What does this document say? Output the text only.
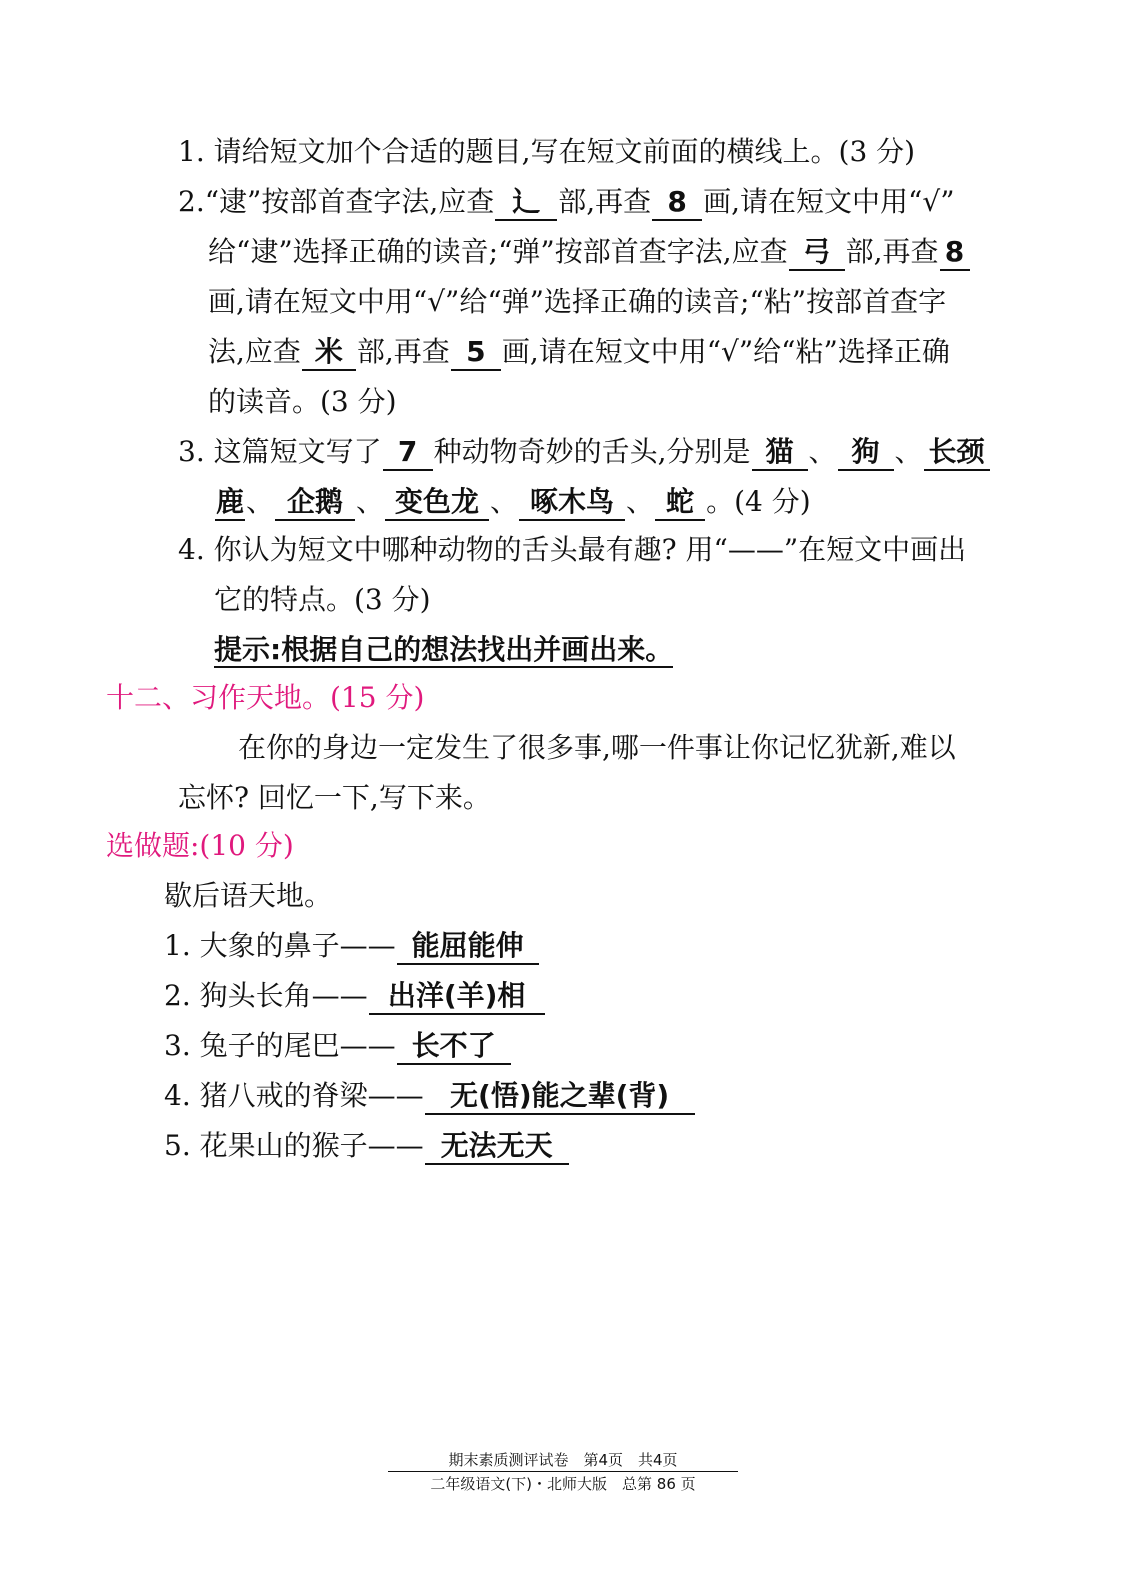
1. 请给短文加个合适的题目,写在短文前面的横线上。(3 分)
2.“逮”按部首查字法,应查 辶 部,再查 8 画,请在短文中用“√”
给“逮”选择正确的读音;“弹”按部首查字法,应查 弓 部,再查 8
画,请在短文中用“√”给“弹”选择正确的读音;“粘”按部首查字
法,应查 米 部,再查 5 画,请在短文中用“√”给“粘”选择正确
的读音。(3 分)
3. 这篇短文写了 7 种动物奇妙的舌头,分别是 猫 、 狗 、 长颈
鹿、 企鹅 、 变色龙 、 啄木鸟 、 蛇 。(4 分)
4. 你认为短文中哪种动物的舌头最有趣? 用“——”在短文中画出
它的特点。(3 分)
提示:根据自己的想法找出并画出来。
十二、习作天地。(15 分)
在你的身边一定发生了很多事,哪一件事让你记忆犹新,难以
忘怀? 回忆一下,写下来。
选做题:(10 分)
歇后语天地。
1. 大象的鼻子—— 能屈能伸
2. 狗头长角—— 出洋(羊)相
3. 兔子的尾巴—— 长不了
4. 猪八戒的脊梁—— 无(悟)能之辈(背)
5. 花果山的猴子—— 无法无天
期末素质测评试卷　第4页　共4页
二年级语文(下)・北师大版　总第 86 页
